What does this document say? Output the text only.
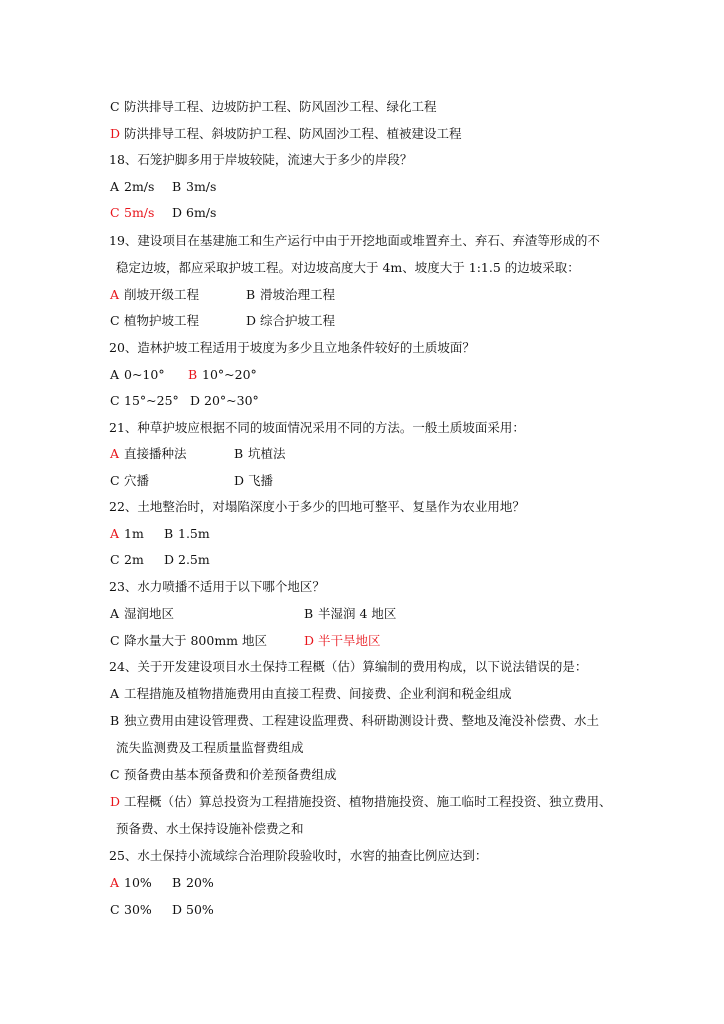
C 防洪排导工程、边坡防护工程、防风固沙工程、绿化工程
D 防洪排导工程、斜坡防护工程、防风固沙工程、植被建设工程
18、石笼护脚多用于岸坡较陡，流速大于多少的岸段？
A 2m/s B 3m/s
C 5m/s D 6m/s
19、建设项目在基建施工和生产运行中由于开挖地面或堆置弃土、弃石、弃渣等形成的不
稳定边坡，都应采取护坡工程。对边坡高度大于 4m、坡度大于 1:1.5 的边坡采取：
A 削坡开级工程	B 滑坡治理工程
C 植物护坡工程	D 综合护坡工程
20、造林护坡工程适用于坡度为多少且立地条件较好的土质坡面？
A 0~10° B 10°~20°
C 15°~25° D 20°~30°
21、种草护坡应根据不同的坡面情况采用不同的方法。一般土质坡面采用：
A 直接播种法	B 坑植法
C 穴播	D 飞播
22、土地整治时，对塌陷深度小于多少的凹地可整平、复垦作为农业用地？
A 1m B 1.5m
C 2m D 2.5m
23、水力喷播不适用于以下哪个地区？
A 湿润地区	B 半湿润 4 地区
C 降水量大于 800mm 地区	D 半干旱地区
24、关于开发建设项目水土保持工程概（估）算编制的费用构成，以下说法错误的是：
A 工程措施及植物措施费用由直接工程费、间接费、企业利润和税金组成
B 独立费用由建设管理费、工程建设监理费、科研勘测设计费、整地及淹没补偿费、水土
流失监测费及工程质量监督费组成
C 预备费由基本预备费和价差预备费组成
D 工程概（估）算总投资为工程措施投资、植物措施投资、施工临时工程投资、独立费用、
预备费、水土保持设施补偿费之和
25、水土保持小流域综合治理阶段验收时，水窖的抽查比例应达到：
A 10% B 20%
C 30% D 50%
